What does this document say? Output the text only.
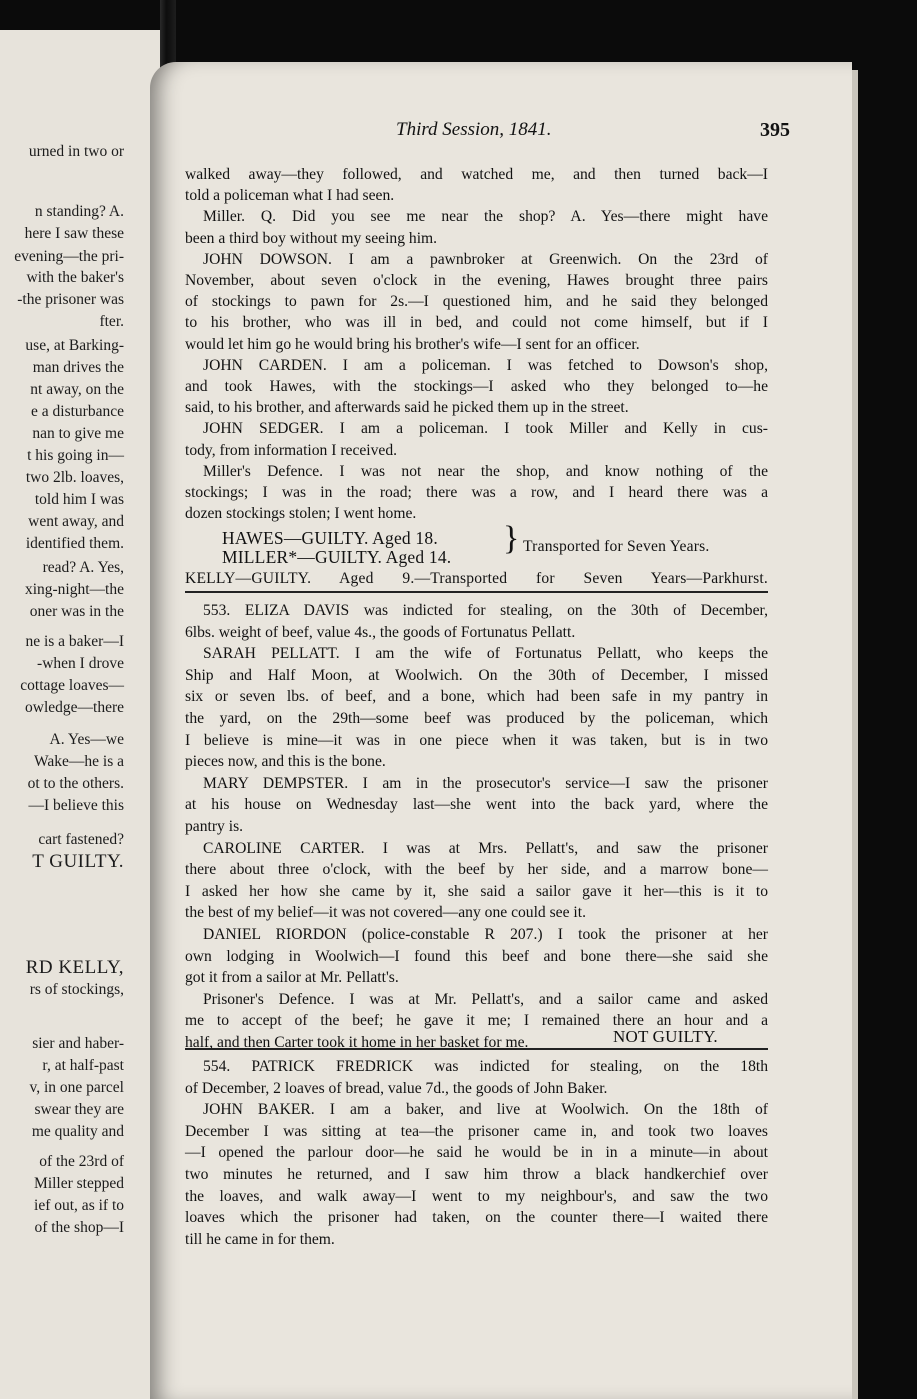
urned in two or
n standing? A.
here I saw these
evening—the pri-
with the baker's
-the prisoner was
fter.
use, at Barking-
man drives the
nt away, on the
e a disturbance
nan to give me
t his going in—
two 2lb. loaves,
told him I was
went away, and
identified them.
read? A. Yes,
xing-night—the
oner was in the
ne is a baker—I
-when I drove
cottage loaves—
owledge—there
A. Yes—we
Wake—he is a
ot to the others.
—I believe this
cart fastened?
T GUILTY.
RD KELLY,
rs of stockings,
sier and haber-
r, at half-past
v, in one parcel
swear they are
me quality and
of the 23rd of
Miller stepped
ief out, as if to
of the shop—I
Third Session, 1841.	395
walked away—they followed, and watched me, and then turned back—I
told a policeman what I had seen.
Miller. Q. Did you see me near the shop? A. Yes—there might have
been a third boy without my seeing him.
JOHN DOWSON. I am a pawnbroker at Greenwich. On the 23rd of
November, about seven o'clock in the evening, Hawes brought three pairs
of stockings to pawn for 2s.—I questioned him, and he said they belonged
to his brother, who was ill in bed, and could not come himself, but if I
would let him go he would bring his brother's wife—I sent for an officer.
JOHN CARDEN. I am a policeman. I was fetched to Dowson's shop,
and took Hawes, with the stockings—I asked who they belonged to—he
said, to his brother, and afterwards said he picked them up in the street.
JOHN SEDGER. I am a policeman. I took Miller and Kelly in cus-
tody, from information I received.
Miller's Defence. I was not near the shop, and know nothing of the
stockings; I was in the road; there was a row, and I heard there was a
dozen stockings stolen; I went home.
HAWES—GUILTY. Aged 18.
MILLER*—GUILTY. Aged 14. } Transported for Seven Years.
KELLY—GUILTY. Aged 9.—Transported for Seven Years—Parkhurst.
553. ELIZA DAVIS was indicted for stealing, on the 30th of December,
6lbs. weight of beef, value 4s., the goods of Fortunatus Pellatt.
SARAH PELLATT. I am the wife of Fortunatus Pellatt, who keeps the
Ship and Half Moon, at Woolwich. On the 30th of December, I missed
six or seven lbs. of beef, and a bone, which had been safe in my pantry in
the yard, on the 29th—some beef was produced by the policeman, which
I believe is mine—it was in one piece when it was taken, but is in two
pieces now, and this is the bone.
MARY DEMPSTER. I am in the prosecutor's service—I saw the prisoner
at his house on Wednesday last—she went into the back yard, where the
pantry is.
CAROLINE CARTER. I was at Mrs. Pellatt's, and saw the prisoner
there about three o'clock, with the beef by her side, and a marrow bone—
I asked her how she came by it, she said a sailor gave it her—this is it to
the best of my belief—it was not covered—any one could see it.
DANIEL RIORDON (police-constable R 207.) I took the prisoner at her
own lodging in Woolwich—I found this beef and bone there—she said she
got it from a sailor at Mr. Pellatt's.
Prisoner's Defence. I was at Mr. Pellatt's, and a sailor came and asked
me to accept of the beef; he gave it me; I remained there an hour and a
half, and then Carter took it home in her basket for me.	NOT GUILTY.
554. PATRICK FREDRICK was indicted for stealing, on the 18th
of December, 2 loaves of bread, value 7d., the goods of John Baker.
JOHN BAKER. I am a baker, and live at Woolwich. On the 18th of
December I was sitting at tea—the prisoner came in, and took two loaves
—I opened the parlour door—he said he would be in in a minute—in about
two minutes he returned, and I saw him throw a black handkerchief over
the loaves, and walk away—I went to my neighbour's, and saw the two
loaves which the prisoner had taken, on the counter there—I waited there
till he came in for them.
